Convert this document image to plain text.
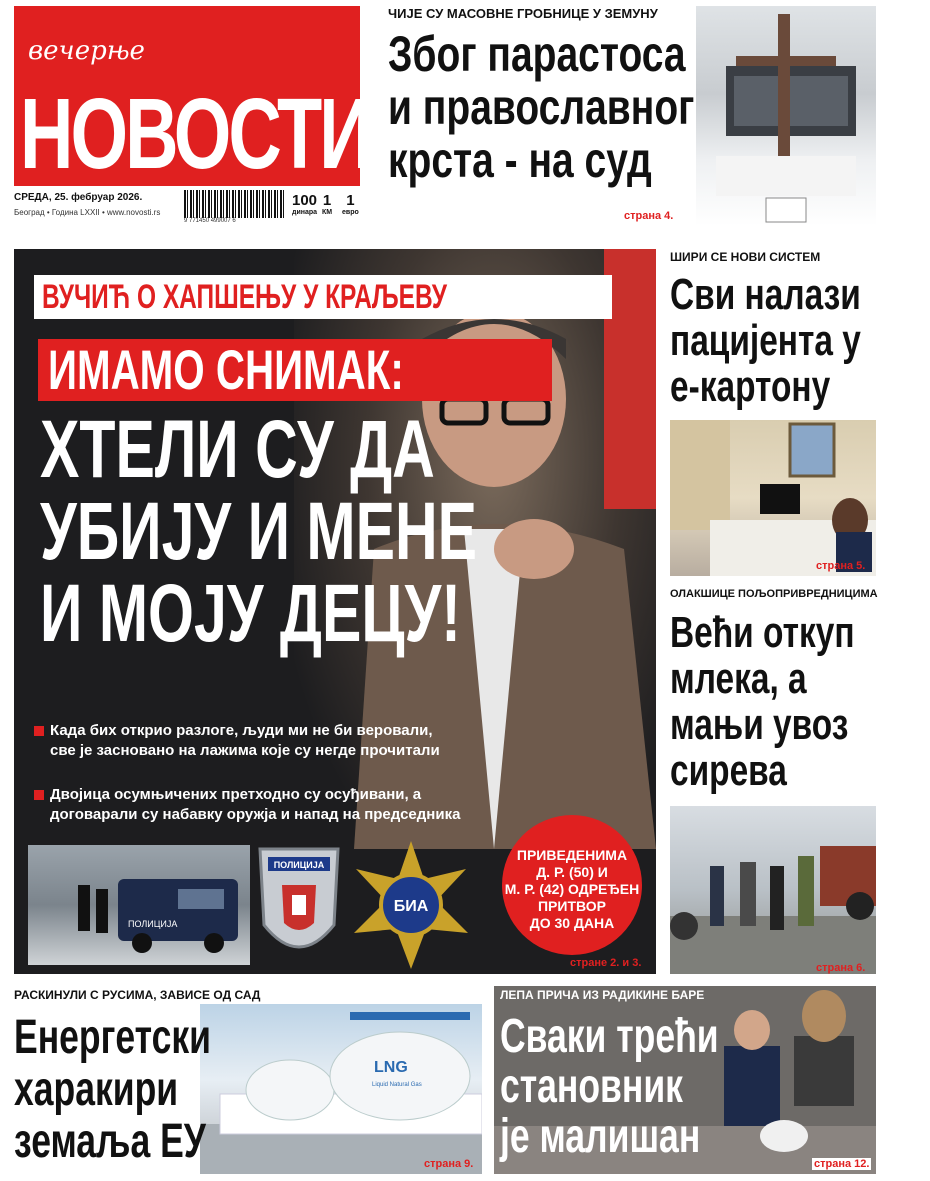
вечерње
НОВОСТИ
СРЕДА, 25. фебруар 2026.
Београд • Година LXXII • www.novosti.rs
9 771450 499007 6
100
динара
1
КМ
1
евро
ЧИЈЕ СУ МАСОВНЕ ГРОБНИЦЕ У ЗЕМУНУ
Због парастоса
и православног
крста - на суд
страна 4.
ВУЧИЋ О ХАПШЕЊУ У КРАЉЕВУ
ИМАМО СНИМАК:
ХТЕЛИ СУ ДА
УБИЈУ И МЕНЕ
И МОЈУ ДЕЦУ!
Када бих открио разлоге, људи ми не би веровали,
све је засновано на лажима које су негде прочитали
Двојица осумњичених претходно су осуђивани, а
договарали су набавку оружја и напад на председника
ПОЛИЦИЈА
ПОЛИЦИЈА
БИА
ПРИВЕДЕНИМА
Д. Р. (50) И
М. Р. (42) ОДРЕЂЕН
ПРИТВОР
ДО 30 ДАНА
стране 2. и 3.
ШИРИ СЕ НОВИ СИСТЕМ
Сви налази
пацијента у
е-картону
страна 5.
ОЛАКШИЦЕ ПОЉОПРИВРЕДНИЦИМА
Већи откуп
млека, а
мањи увоз
сирева
страна 6.
РАСКИНУЛИ С РУСИМА, ЗАВИСЕ ОД САД
LNG
Liquid Natural Gas
Енергетски
харакири
земаља ЕУ	страна 9.
ЛЕПА ПРИЧА ИЗ РАДИКИНЕ БАРЕ
Сваки трећи
становник
је малишан
страна 12.
